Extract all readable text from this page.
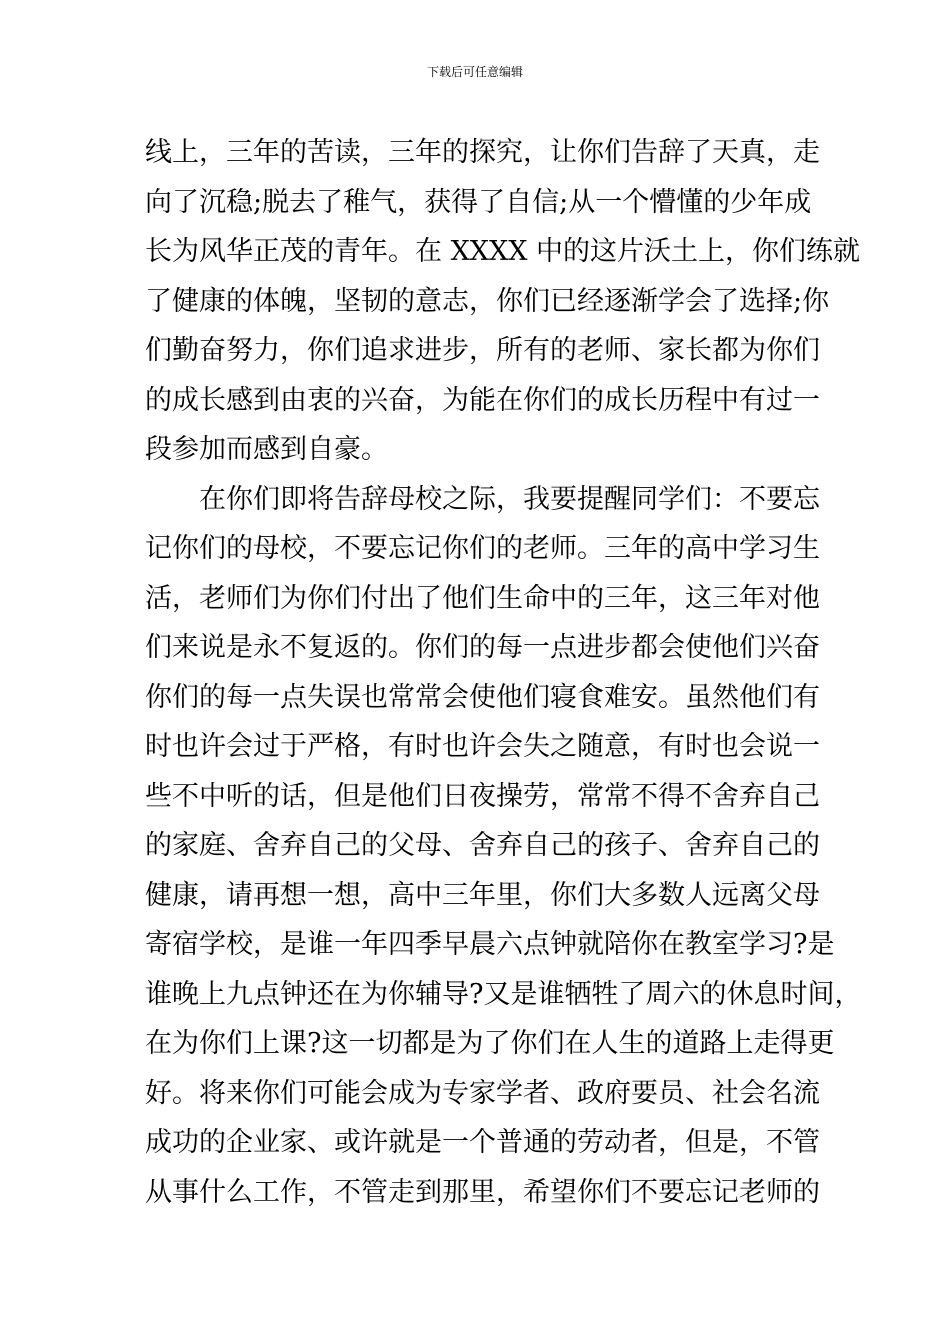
下载后可任意编辑
线上，三年的苦读，三年的探究，让你们告辞了天真，走
向了沉稳;脱去了稚气，获得了自信;从一个懵懂的少年成
长为风华正茂的青年。在 XXXX 中的这片沃土上，你们练就
了健康的体魄，坚韧的意志，你们已经逐渐学会了选择;你
们勤奋努力，你们追求进步，所有的老师、家长都为你们
的成长感到由衷的兴奋，为能在你们的成长历程中有过一
段参加而感到自豪。
在你们即将告辞母校之际，我要提醒同学们：不要忘
记你们的母校，不要忘记你们的老师。三年的高中学习生
活，老师们为你们付出了他们生命中的三年，这三年对他
们来说是永不复返的。你们的每一点进步都会使他们兴奋
你们的每一点失误也常常会使他们寝食难安。虽然他们有
时也许会过于严格，有时也许会失之随意，有时也会说一
些不中听的话，但是他们日夜操劳，常常不得不舍弃自己
的家庭、舍弃自己的父母、舍弃自己的孩子、舍弃自己的
健康，请再想一想，高中三年里，你们大多数人远离父母
寄宿学校，是谁一年四季早晨六点钟就陪你在教室学习?是
谁晚上九点钟还在为你辅导?又是谁牺牲了周六的休息时间，
在为你们上课?这一切都是为了你们在人生的道路上走得更
好。将来你们可能会成为专家学者、政府要员、社会名流
成功的企业家、或许就是一个普通的劳动者，但是，不管
从事什么工作，不管走到那里，希望你们不要忘记老师的
